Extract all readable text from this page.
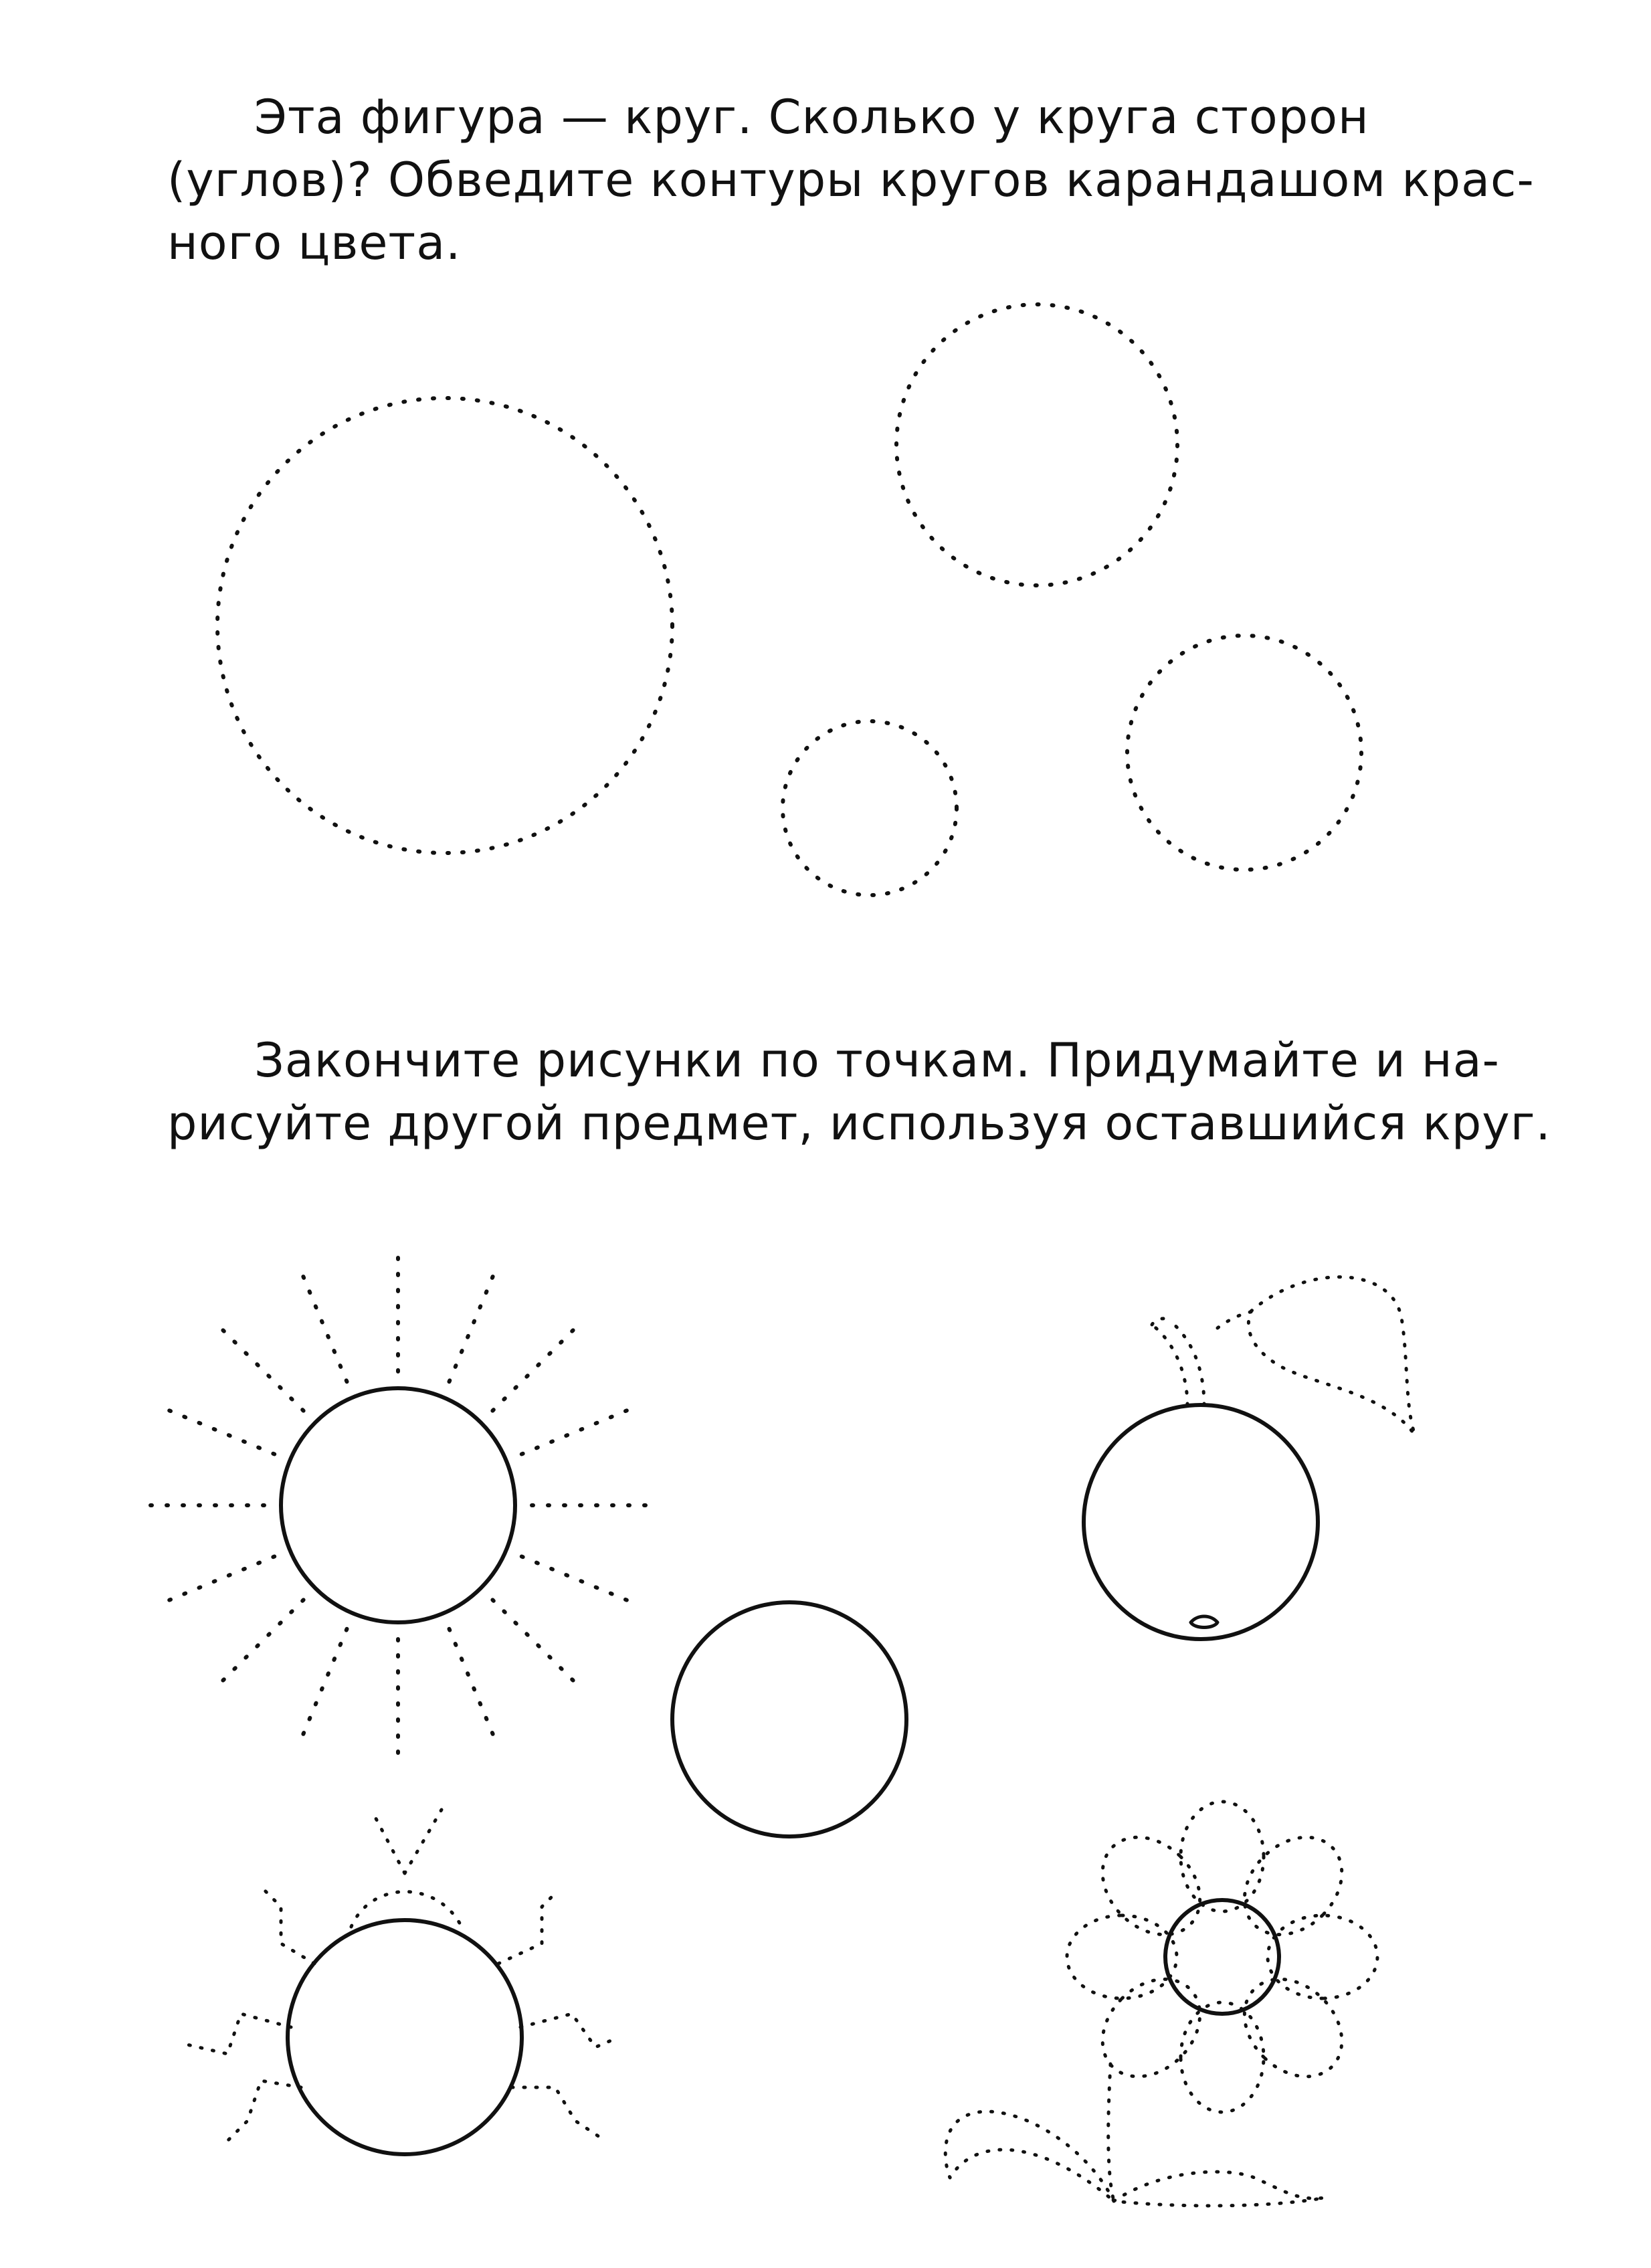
Эта фигура — круг. Сколько у круга сторон
(углов)? Обведите контуры кругов карандашом крас-
ного цвета.
Закончите рисунки по точкам. Придумайте и на-
рисуйте другой предмет, используя оставшийся круг.
